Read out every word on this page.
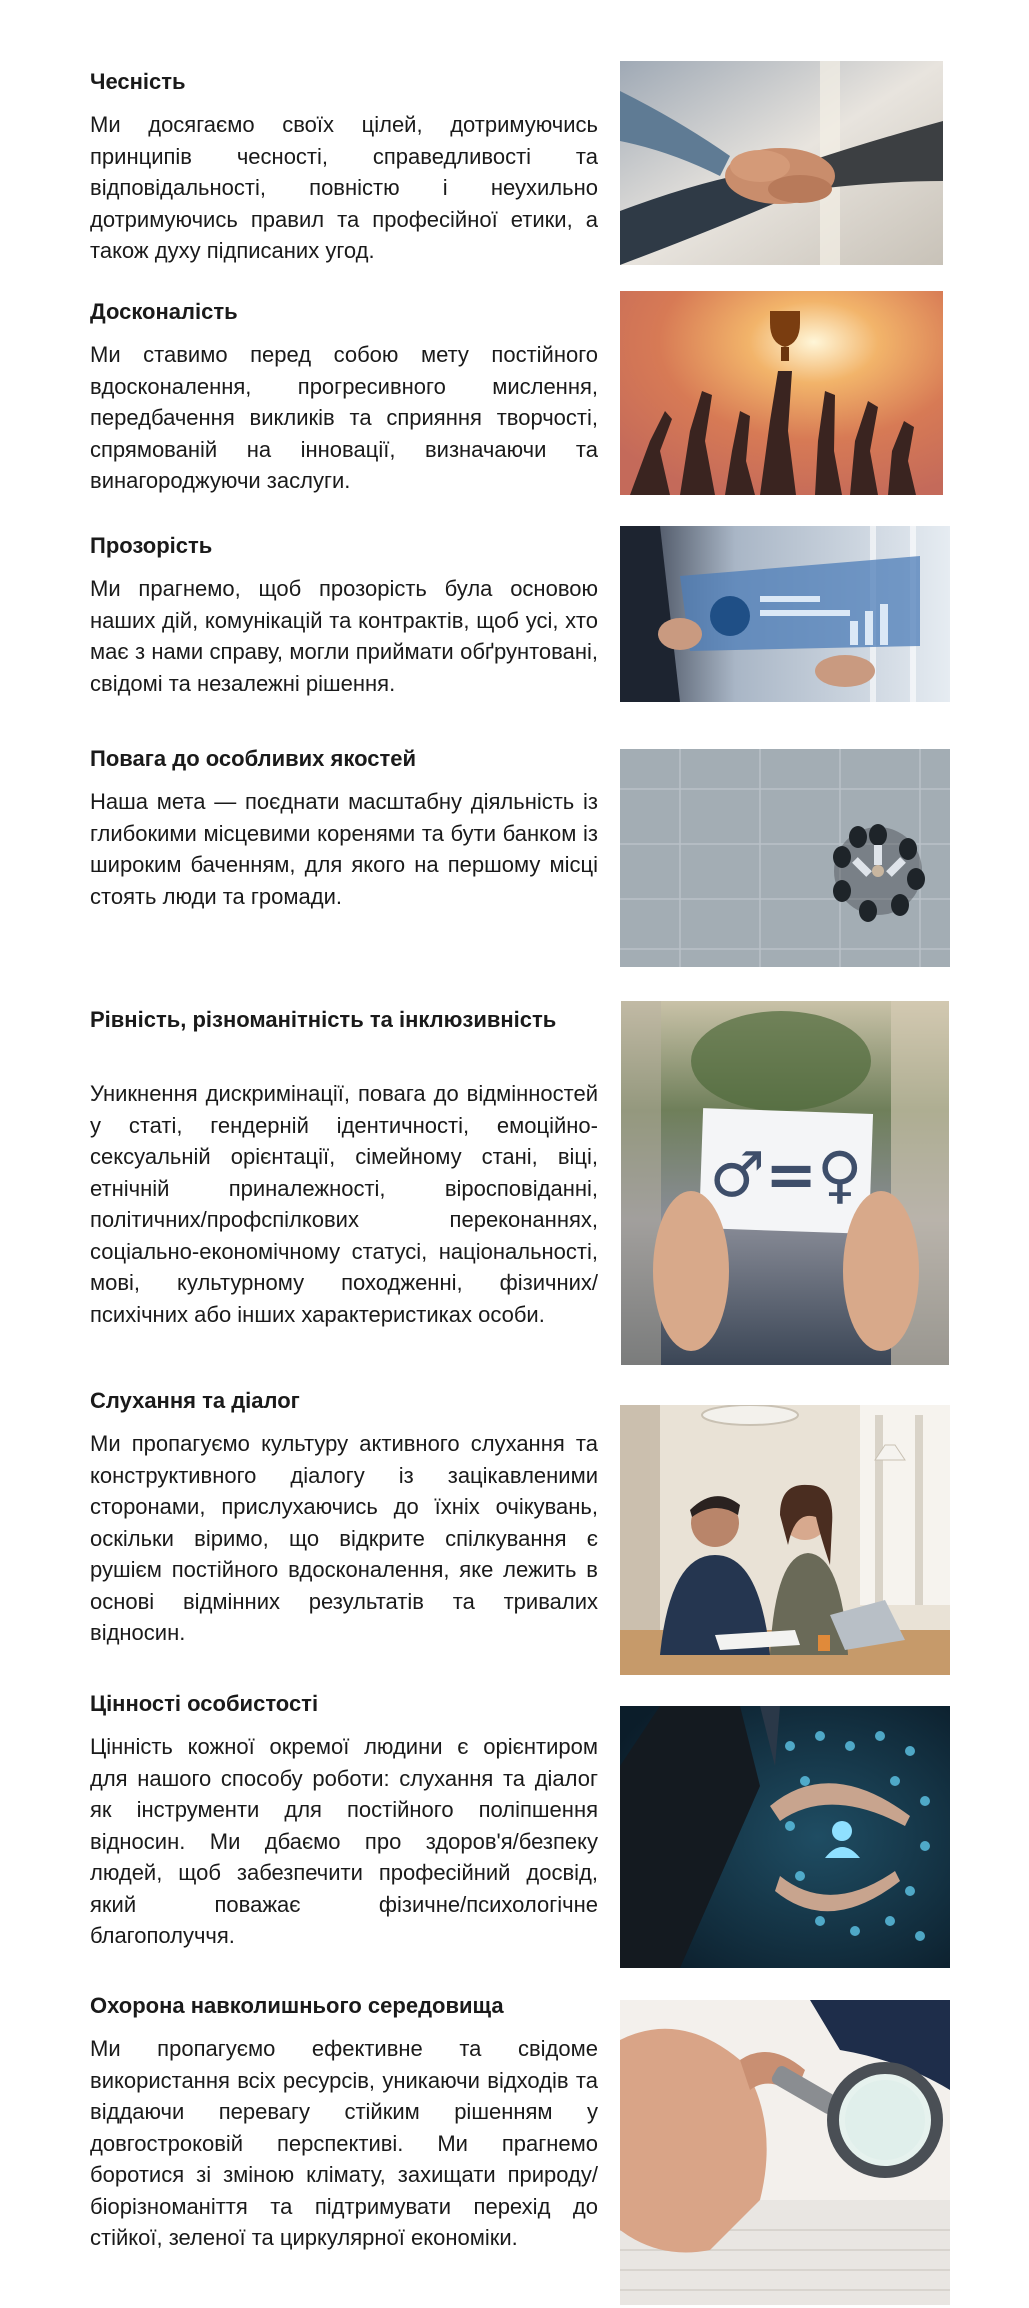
Чесність

Ми досягаємо своїх цілей, дотримуючись принципів чесності, справедливості та відповідальності, повністю і неухильно дотримуючись правил та професійної етики, а також духу підписаних угод.

Досконалість

Ми ставимо перед собою мету постійного вдосконалення, прогресивного мислення, передбачення викликів та сприяння творчості, спрямованій на інновації, визначаючи та винагороджуючи заслуги.

Прозорість

Ми прагнемо, щоб прозорість була основою наших дій, комунікацій та контрактів, щоб усі, хто має з нами справу, могли приймати обґрунтовані, свідомі та незалежні рішення.

Повага до особливих якостей

Наша мета — поєднати масштабну діяльність із глибокими місцевими коренями та бути банком із широким баченням, для якого на першому місці стоять люди та громади.

Рівність, різноманітність та інклюзивність

Уникнення дискримінації, повага до відмінностей у статі, гендерній ідентичності, емоційно-сексуальній орієнтації, сімейному стані, віці, етнічній приналежності, віросповіданні, політичних/профспілкових переконаннях, соціально-економічному статусі, національності, мові, культурному походженні, фізичних/психічних або інших характеристиках особи.

♂=♀
Слухання та діалог

Ми пропагуємо культуру активного слухання та конструктивного діалогу із зацікавленими сторонами, прислухаючись до їхніх очікувань, оскільки віримо, що відкрите спілкування є рушієм постійного вдосконалення, яке лежить в основі відмінних результатів та тривалих відносин.

Цінності особистості

Цінність кожної окремої людини є орієнтиром для нашого способу роботи: слухання та діалог як інструменти для постійного поліпшення відносин. Ми дбаємо про здоров'я/безпеку людей, щоб забезпечити професійний досвід, який поважає фізичне/психологічне благополуччя.

Охорона навколишнього середовища

Ми пропагуємо ефективне та свідоме використання всіх ресурсів, уникаючи відходів та віддаючи перевагу стійким рішенням у довгостроковій перспективі. Ми прагнемо боротися зі зміною клімату, захищати природу/біорізноманіття та підтримувати перехід до стійкої, зеленої та циркулярної економіки.
